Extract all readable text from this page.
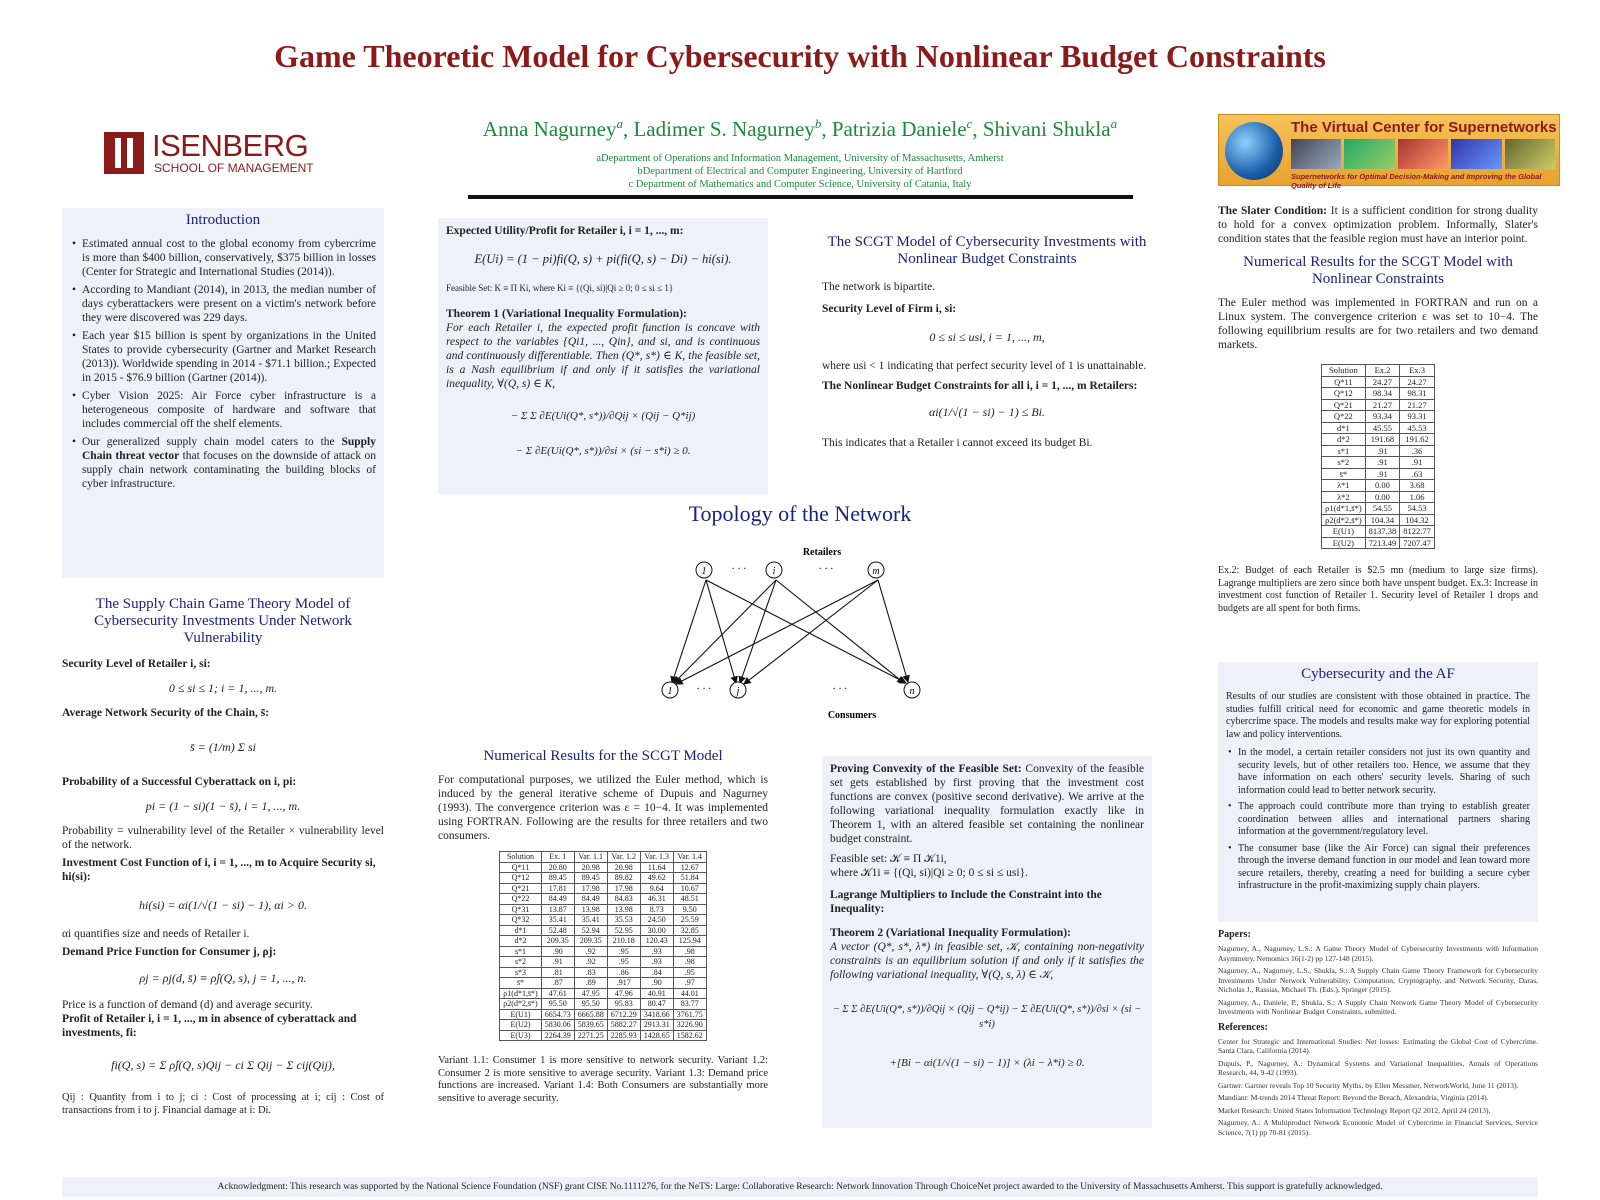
Game Theoretic Model for Cybersecurity with Nonlinear Budget Constraints
Anna Nagurney$^a$, Ladimer S. Nagurney$^b$, Patrizia Daniele$^c$, Shivani Shukla$^a$
aDepartment of Operations and Information Management, University of Massachusetts, Amherst
bDepartment of Electrical and Computer Engineering, University of Hartford
c Department of Mathematics and Computer Science, University of Catania, Italy
ISENBERG
SCHOOL OF MANAGEMENT
The Virtual Center for Supernetworks
Supernetworks for Optimal Decision-Making and Improving the Global Quality of Life
Introduction
• Estimated annual cost to the global economy from cybercrime is more than $400 billion, conservatively, $375 billion in losses (Center for Strategic and International Studies (2014)).
• According to Mandiant (2014), in 2013, the median number of days cyberattackers were present on a victim's network before they were discovered was 229 days.
• Each year $15 billion is spent by organizations in the United States to provide cybersecurity (Gartner and Market Research (2013)). Worldwide spending in 2014 - $71.1 billion.; Expected in 2015 - $76.9 billion (Gartner (2014)).
• Cyber Vision 2025: Air Force cyber infrastructure is a heterogeneous composite of hardware and software that includes commercial off the shelf elements.
• Our generalized supply chain model caters to the Supply Chain threat vector that focuses on the downside of attack on supply chain network contaminating the building blocks of cyber infrastructure.
The Supply Chain Game Theory Model of Cybersecurity Investments Under Network Vulnerability
Security Level of Retailer i, si:
0 ≤ si ≤ 1; i = 1, ..., m.
Average Network Security of the Chain, s̄:
s̄ = (1/m) Σ si
Probability of a Successful Cyberattack on i, pi:
pi = (1 − si)(1 − s̄), i = 1, ..., m.
Probability = vulnerability level of the Retailer × vulnerability level of the network.
Investment Cost Function of i, i = 1, ..., m to Acquire Security si, hi(si):
hi(si) = αi(1/√(1 − si) − 1), αi > 0.
αi quantifies size and needs of Retailer i.
Demand Price Function for Consumer j, ρj:
ρj = ρj(d, s̄) ≡ ρ̂j(Q, s), j = 1, ..., n.
Price is a function of demand (d) and average security.
Profit of Retailer i, i = 1, ..., m in absence of cyberattack and investments, fi:
fi(Q, s) = Σ ρ̂j(Q, s)Qij − ci Σ Qij − Σ cij(Qij),
Qij : Quantity from i to j; ci : Cost of processing at i; cij : Cost of transactions from i to j. Financial damage at i: Di.
Expected Utility/Profit for Retailer i, i = 1, ..., m:
E(Ui) = (1 − pi)fi(Q, s) + pi(fi(Q, s) − Di) − hi(si).
Feasible Set: K ≡ Π Ki, where Ki ≡ {(Qi, si)|Qi ≥ 0; 0 ≤ si ≤ 1}
Theorem 1 (Variational Inequality Formulation):
For each Retailer i, the expected profit function is concave with respect to the variables {Qi1, ..., Qin}, and si, and is continuous and continuously differentiable. Then (Q*, s*) ∈ K, the feasible set, is a Nash equilibrium if and only if it satisfies the variational inequality, ∀(Q, s) ∈ K,
− Σ Σ ∂E(Ui(Q*, s*))/∂Qij × (Qij − Q*ij)
− Σ ∂E(Ui(Q*, s*))/∂si × (si − s*i) ≥ 0.
The SCGT Model of Cybersecurity Investments with Nonlinear Budget Constraints
The network is bipartite.
Security Level of Firm i, si:
0 ≤ si ≤ usi, i = 1, ..., m,
where usi < 1 indicating that perfect security level of 1 is unattainable.
The Nonlinear Budget Constraints for all i, i = 1, ..., m Retailers:
αi(1/√(1 − si) − 1) ≤ Bi.
This indicates that a Retailer i cannot exceed its budget Bi.
Topology of the Network
Retailers
Consumers
1	i	m
1	j	n
· · ·	· · ·
· · ·	· · ·
Numerical Results for the SCGT Model
For computational purposes, we utilized the Euler method, which is induced by the general iterative scheme of Dupuis and Nagurney (1993). The convergence criterion was ε = 10−4. It was implemented using FORTRAN. Following are the results for three retailers and two consumers.
Solution	Ex. 1	Var. 1.1	Var. 1.2	Var. 1.3	Var. 1.4
Q*11	20.80	20.98	20.98	11.64	12.67
Q*12	89.45	89.45	89.82	49.62	51.84
Q*21	17.81	17.98	17.98	9.64	10.67
Q*22	84.49	84.49	84.83	46.31	48.51
Q*31	13.87	13.98	13.98	8.73	9.50
Q*32	35.41	35.41	35.53	24.50	25.59
d*1	52.48	52.94	52.95	30.00	32.85
d*2	209.35	209.35	210.18	120.43	125.94
s*1	.90	.92	.95	.93	.98
s*2	.91	.92	.95	.93	.98
s*3	.81	.83	.86	.84	.95
s̄*	.87	.89	.917	.90	.97
ρ1(d*1,s̄*)	47.61	47.95	47.96	40.91	44.01
ρ2(d*2,s̄*)	95.50	95.50	95.83	80.47	83.77
E(U1)	6654.73	6665.88	6712.29	3418.66	3761.75
E(U2)	5830.06	5839.65	5882.27	2913.31	3226.90
E(U3)	2264.39	2271.25	2285.93	1428.65	1582.62
Variant 1.1: Consumer 1 is more sensitive to network security. Variant 1.2: Consumer 2 is more sensitive to average security. Variant 1.3: Demand price functions are increased. Variant 1.4: Both Consumers are substantially more sensitive to average security.
Proving Convexity of the Feasible Set: Convexity of the feasible set gets established by first proving that the investment cost functions are convex (positive second derivative). We arrive at the following variational inequality formulation exactly like in Theorem 1, with an altered feasible set containing the nonlinear budget constraint.
Feasible set: 𝒦 ≡ Π 𝒦1i,
where 𝒦1i ≡ {(Qi, si)|Qi ≥ 0; 0 ≤ si ≤ usi}.
Lagrange Multipliers to Include the Constraint into the Inequality:
Theorem 2 (Variational Inequality Formulation):
A vector (Q*, s*, λ*) in feasible set, 𝒦, containing non-negativity constraints is an equilibrium solution if and only if it satisfies the following variational inequality, ∀(Q, s, λ) ∈ 𝒦,
− Σ Σ ∂E(Ui(Q*, s*))/∂Qij × (Qij − Q*ij) − Σ ∂E(Ui(Q*, s*))/∂si × (si − s*i)
+[Bi − αi(1/√(1 − si) − 1)] × (λi − λ*i) ≥ 0.
The Slater Condition: It is a sufficient condition for strong duality to hold for a convex optimization problem. Informally, Slater's condition states that the feasible region must have an interior point.
Numerical Results for the SCGT Model with Nonlinear Constraints
The Euler method was implemented in FORTRAN and run on a Linux system. The convergence criterion ε was set to 10−4. The following equilibrium results are for two retailers and two demand markets.
Solution	Ex.2	Ex.3
Q*11	24.27	24.27
Q*12	98.34	98.31
Q*21	21.27	21.27
Q*22	93.34	93.31
d*1	45.55	45.53
d*2	191.68	191.62
s*1	.91	.36
s*2	.91	.91
s̄*	.91	.63
λ*1	0.00	3.68
λ*2	0.00	1.06
ρ1(d*1,s̄*)	54.55	54.53
ρ2(d*2,s̄*)	104.34	104.32
E(U1)	8137.38	8122.77
E(U2)	7213.49	7207.47
Ex.2: Budget of each Retailer is $2.5 mn (medium to large size firms). Lagrange multipliers are zero since both have unspent budget. Ex.3: Increase in investment cost function of Retailer 1. Security level of Retailer 1 drops and budgets are all spent for both firms.
Cybersecurity and the AF
Results of our studies are consistent with those obtained in practice. The studies fulfill critical need for economic and game theoretic models in cybercrime space. The models and results make way for exploring potential law and policy interventions.
• In the model, a certain retailer considers not just its own quantity and security levels, but of other retailers too. Hence, we assume that they have information on each others' security levels. Sharing of such information could lead to better network security.
• The approach could contribute more than trying to establish greater coordination between allies and international partners sharing information at the government/regulatory level.
• The consumer base (like the Air Force) can signal their preferences through the inverse demand function in our model and lean toward more secure retailers, thereby, creating a need for building a secure cyber infrastructure in the profit-maximizing supply chain players.
Papers:
Nagurney, A., Nagurney, L.S.: A Game Theory Model of Cybersecurity Investments with Information Asymmetry, Netnomics 16(1-2) pp 127-148 (2015).
Nagurney, A., Nagurney, L.S., Shukla, S.: A Supply Chain Game Theory Framework for Cybersecurity Investments Under Network Vulnerability, Computation, Cryptography, and Network Security, Daras, Nicholas J., Rassias, Michael Th. (Eds.), Springer (2015).
Nagurney, A., Daniele, P., Shukla, S.: A Supply Chain Network Game Theory Model of Cybersecurity Investments with Nonlinear Budget Constraints, submitted.
References:
Center for Strategic and International Studies: Net losses: Estimating the Global Cost of Cybercrime. Santa Clara, California (2014).
Dupuis, P., Nagurney, A.: Dynamical Systems and Variational Inequalities, Annals of Operations Research, 44, 9-42 (1993).
Gartner: Gartner reveals Top 10 Security Myths, by Ellen Messmer, NetworkWorld, June 11 (2013).
Mandiant: M-trends 2014 Threat Report: Beyond the Breach, Alexandria, Virginia (2014).
Market Research: United States Information Technology Report Q2 2012, April 24 (2013).
Nagurney, A.: A Multiproduct Network Economic Model of Cybercrime in Financial Services, Service Science, 7(1) pp 70-81 (2015).
Acknowledgment: This research was supported by the National Science Foundation (NSF) grant CISE No.1111276, for the NeTS: Large: Collaborative Research: Network Innovation Through ChoiceNet project awarded to the University of Massachusetts Amherst. This support is gratefully acknowledged.
